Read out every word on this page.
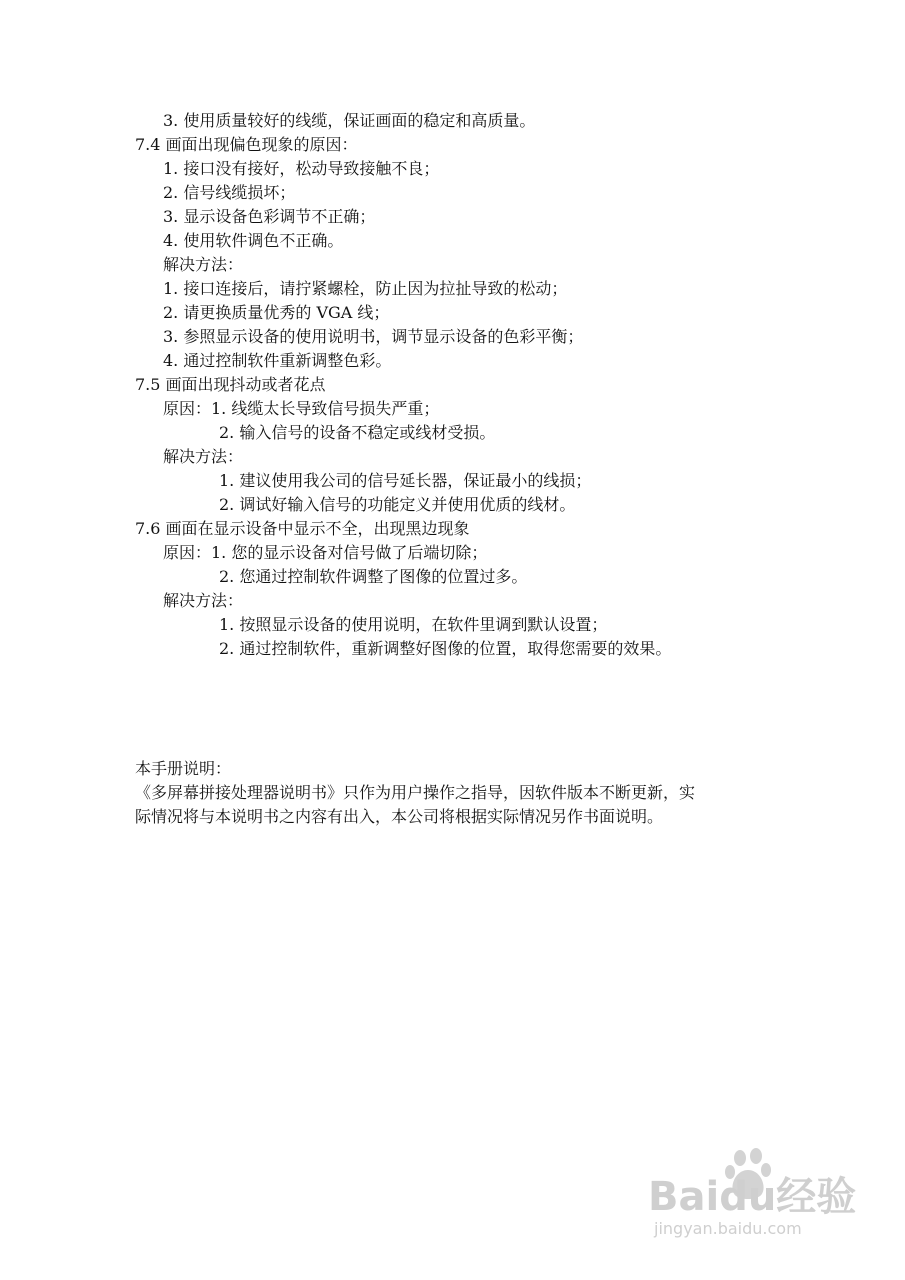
3. 使用质量较好的线缆，保证画面的稳定和高质量。
7.4 画面出现偏色现象的原因：
1. 接口没有接好，松动导致接触不良；
2. 信号线缆损坏；
3. 显示设备色彩调节不正确；
4. 使用软件调色不正确。
解决方法：
1. 接口连接后，请拧紧螺栓，防止因为拉扯导致的松动；
2. 请更换质量优秀的 VGA 线；
3. 参照显示设备的使用说明书，调节显示设备的色彩平衡；
4. 通过控制软件重新调整色彩。
7.5 画面出现抖动或者花点
原因：1. 线缆太长导致信号损失严重；
2. 输入信号的设备不稳定或线材受损。
解决方法：
1. 建议使用我公司的信号延长器，保证最小的线损；
2. 调试好输入信号的功能定义并使用优质的线材。
7.6 画面在显示设备中显示不全，出现黑边现象
原因：1. 您的显示设备对信号做了后端切除；
2. 您通过控制软件调整了图像的位置过多。
解决方法：
1. 按照显示设备的使用说明，在软件里调到默认设置；
2. 通过控制软件，重新调整好图像的位置，取得您需要的效果。
本手册说明：
《多屏幕拼接处理器说明书》只作为用户操作之指导，因软件版本不断更新，实
际情况将与本说明书之内容有出入，本公司将根据实际情况另作书面说明。
Baidu经验
jingyan.baidu.com
